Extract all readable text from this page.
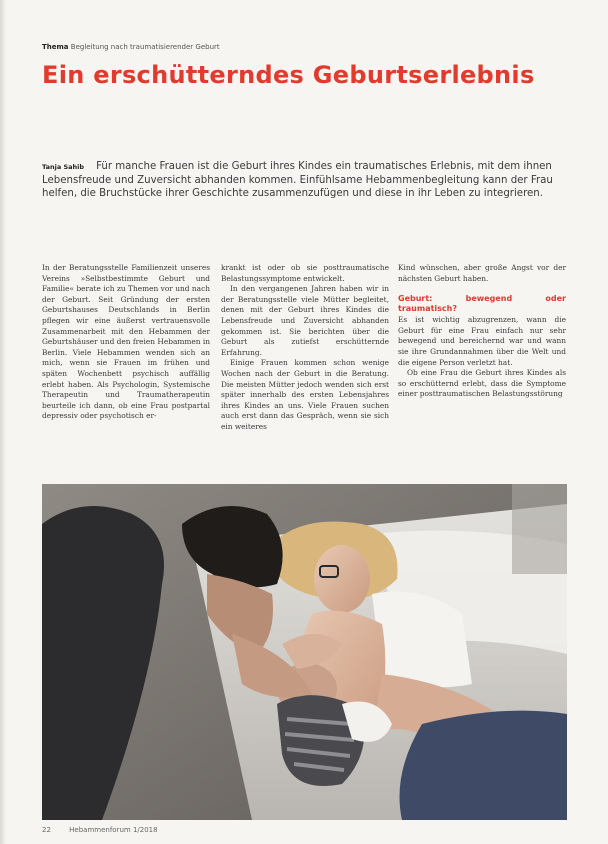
Thema Begleitung nach traumatisierender Geburt
Ein erschütterndes Geburtserlebnis
Tanja Sahib Für manche Frauen ist die Geburt ihres Kindes ein traumatisches Erlebnis, mit dem ihnen Lebensfreude und Zuversicht abhanden kommen. Einfühlsame Hebammenbegleitung kann der Frau helfen, die Bruchstücke ihrer Geschichte zusammenzufügen und diese in ihr Leben zu integrieren.

In der Beratungsstelle Familienzeit unseres Vereins »Selbstbestimmte Geburt und Familie« berate ich zu Themen vor und nach der Geburt. Seit Gründung der ersten Geburtshauses Deutschlands in Berlin pflegen wir eine äußerst vertrauensvolle Zusammenarbeit mit den Hebammen der Geburtshäuser und den freien Hebammen in Berlin. Viele Hebammen wenden sich an mich, wenn sie Frauen im frühen und späten Wochenbett psychisch auffällig erlebt haben. Als Psychologin, Systemische Therapeutin und Traumatherapeutin beurteile ich dann, ob eine Frau postpartal depressiv oder psychotisch er-

krankt ist oder ob sie posttraumatische Belastungssymptome entwickelt.

In den vergangenen Jahren haben wir in der Beratungsstelle viele Mütter begleitet, denen mit der Geburt ihres Kindes die Lebensfreude und Zuversicht abhanden gekommen ist. Sie berichten über die Geburt als zutiefst erschütternde Erfahrung.

Einige Frauen kommen schon wenige Wochen nach der Geburt in die Beratung. Die meisten Mütter jedoch wenden sich erst später innerhalb des ersten Lebensjahres ihres Kindes an uns. Viele Frauen suchen auch erst dann das Gespräch, wenn sie sich ein weiteres

Kind wünschen, aber große Angst vor der nächsten Geburt haben.

Geburt: bewegend oder traumatisch?

Es ist wichtig abzugrenzen, wann die Geburt für eine Frau einfach nur sehr bewegend und bereichernd war und wann sie ihre Grundannahmen über die Welt und die eigene Person verletzt hat.

Ob eine Frau die Geburt ihres Kindes als so erschütternd erlebt, dass die Symptome einer posttraumatischen Belastungsstörung

22	Hebammenforum 1/2018
